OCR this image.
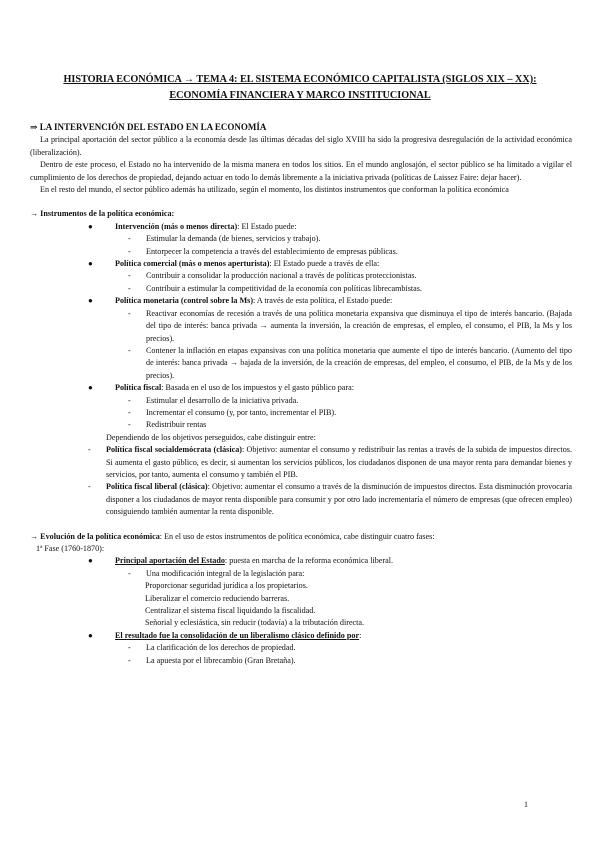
HISTORIA ECONÓMICA → TEMA 4: EL SISTEMA ECONÓMICO CAPITALISTA (SIGLOS XIX – XX):
ECONOMÍA FINANCIERA Y MARCO INSTITUCIONAL
⇒ LA INTERVENCIÓN DEL ESTADO EN LA ECONOMÍA

La principal aportación del sector público a la economía desde las últimas décadas del siglo XVIII ha sido la progresiva desregulación de la actividad económica (liberalización).

Dentro de este proceso, el Estado no ha intervenido de la misma manera en todos los sitios. En el mundo anglosajón, el sector público se ha limitado a vigilar el cumplimiento de los derechos de propiedad, dejando actuar en todo lo demás libremente a la iniciativa privada (políticas de Laissez Faire: dejar hacer).

En el resto del mundo, el sector público además ha utilizado, según el momento, los distintos instrumentos que conforman la política económica

→ Instrumentos de la política económica:
●	Intervención (más o menos directa): El Estado puede:
- Estimular la demanda (de bienes, servicios y trabajo).
- Entorpecer la competencia a través del establecimiento de empresas públicas.
●	Política comercial (más o menos aperturista): El Estado puede a través de ella:
- Contribuir a consolidar la producción nacional a través de políticas proteccionistas.
- Contribuir a estimular la competitividad de la economía con políticas librecambistas.
●	Política monetaria (control sobre la Ms): A través de esta política, el Estado puede:
- Reactivar economías de recesión a través de una política monetaria expansiva que disminuya el tipo de interés bancario. (Bajada del tipo de interés: banca privada → aumenta la inversión, la creación de empresas, el empleo, el consumo, el PIB, la Ms y los precios).
- Contener la inflación en etapas expansivas con una política monetaria que aumente el tipo de interés bancario. (Aumento del tipo de interés: banca privada → bajada de la inversión, de la creación de empresas, del empleo, el consumo, el PIB, de la Ms y de los precios).
●	Política fiscal: Basada en el uso de los impuestos y el gasto público para:
- Estimular el desarrollo de la iniciativa privada.
- Incrementar el consumo (y, por tanto, incrementar el PIB).
- Redistribuir rentas
Dependiendo de los objetivos perseguidos, cabe distinguir entre:
- Política fiscal socialdemócrata (clásica): Objetivo: aumentar el consumo y redistribuir las rentas a través de la subida de impuestos directos. Si aumenta el gasto público, es decir, si aumentan los servicios públicos, los ciudadanos disponen de una mayor renta para demandar bienes y servicios, por tanto, aumenta el consumo y también el PIB.
- Política fiscal liberal (clásica): Objetivo: aumentar el consumo a través de la disminución de impuestos directos. Esta disminución provocaría disponer a los ciudadanos de mayor renta disponible para consumir y por otro lado incrementaría el número de empresas (que ofrecen empleo) consiguiendo también aumentar la renta disponible.
→ Evolución de la política económica: En el uso de estos instrumentos de política económica, cabe distinguir cuatro fases:
1ª Fase (1760-1870):
●	Principal aportación del Estado: puesta en marcha de la reforma económica liberal.
- Una modificación integral de la legislación para:
Proporcionar seguridad jurídica a los propietarios.
Liberalizar el comercio reduciendo barreras.
Centralizar el sistema fiscal liquidando la fiscalidad.
Señorial y eclesiástica, sin reducir (todavía) a la tributación directa.
●	El resultado fue la consolidación de un liberalismo clásico definido por:
- La clarificación de los derechos de propiedad.
- La apuesta por el librecambio (Gran Bretaña).
1
